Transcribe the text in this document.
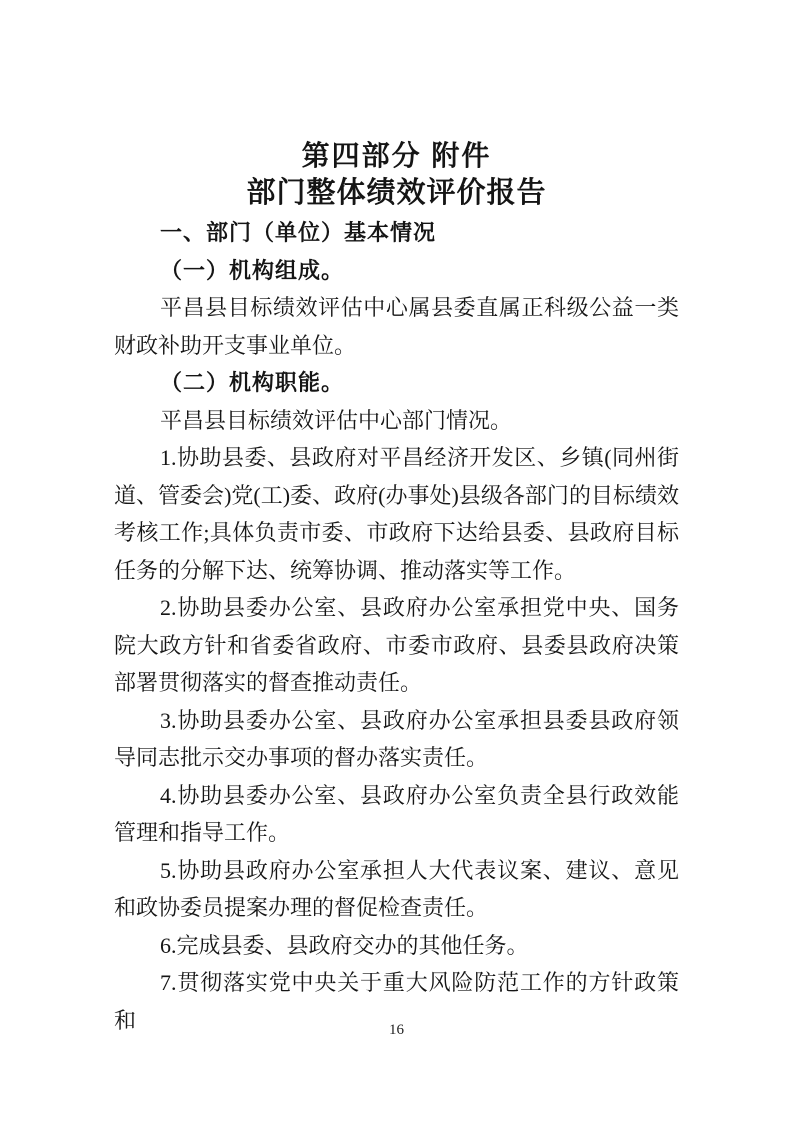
第四部分 附件
部门整体绩效评价报告

一、部门（单位）基本情况

（一）机构组成。

平昌县目标绩效评估中心属县委直属正科级公益一类财政补助开支事业单位。

（二）机构职能。

平昌县目标绩效评估中心部门情况。

1.协助县委、县政府对平昌经济开发区、乡镇(同州街道、管委会)党(工)委、政府(办事处)县级各部门的目标绩效考核工作;具体负责市委、市政府下达给县委、县政府目标任务的分解下达、统筹协调、推动落实等工作。

2.协助县委办公室、县政府办公室承担党中央、国务院大政方针和省委省政府、市委市政府、县委县政府决策部署贯彻落实的督查推动责任。

3.协助县委办公室、县政府办公室承担县委县政府领导同志批示交办事项的督办落实责任。

4.协助县委办公室、县政府办公室负责全县行政效能管理和指导工作。

5.协助县政府办公室承担人大代表议案、建议、意见和政协委员提案办理的督促检查责任。

6.完成县委、县政府交办的其他任务。

7.贯彻落实党中央关于重大风险防范工作的方针政策和	16
